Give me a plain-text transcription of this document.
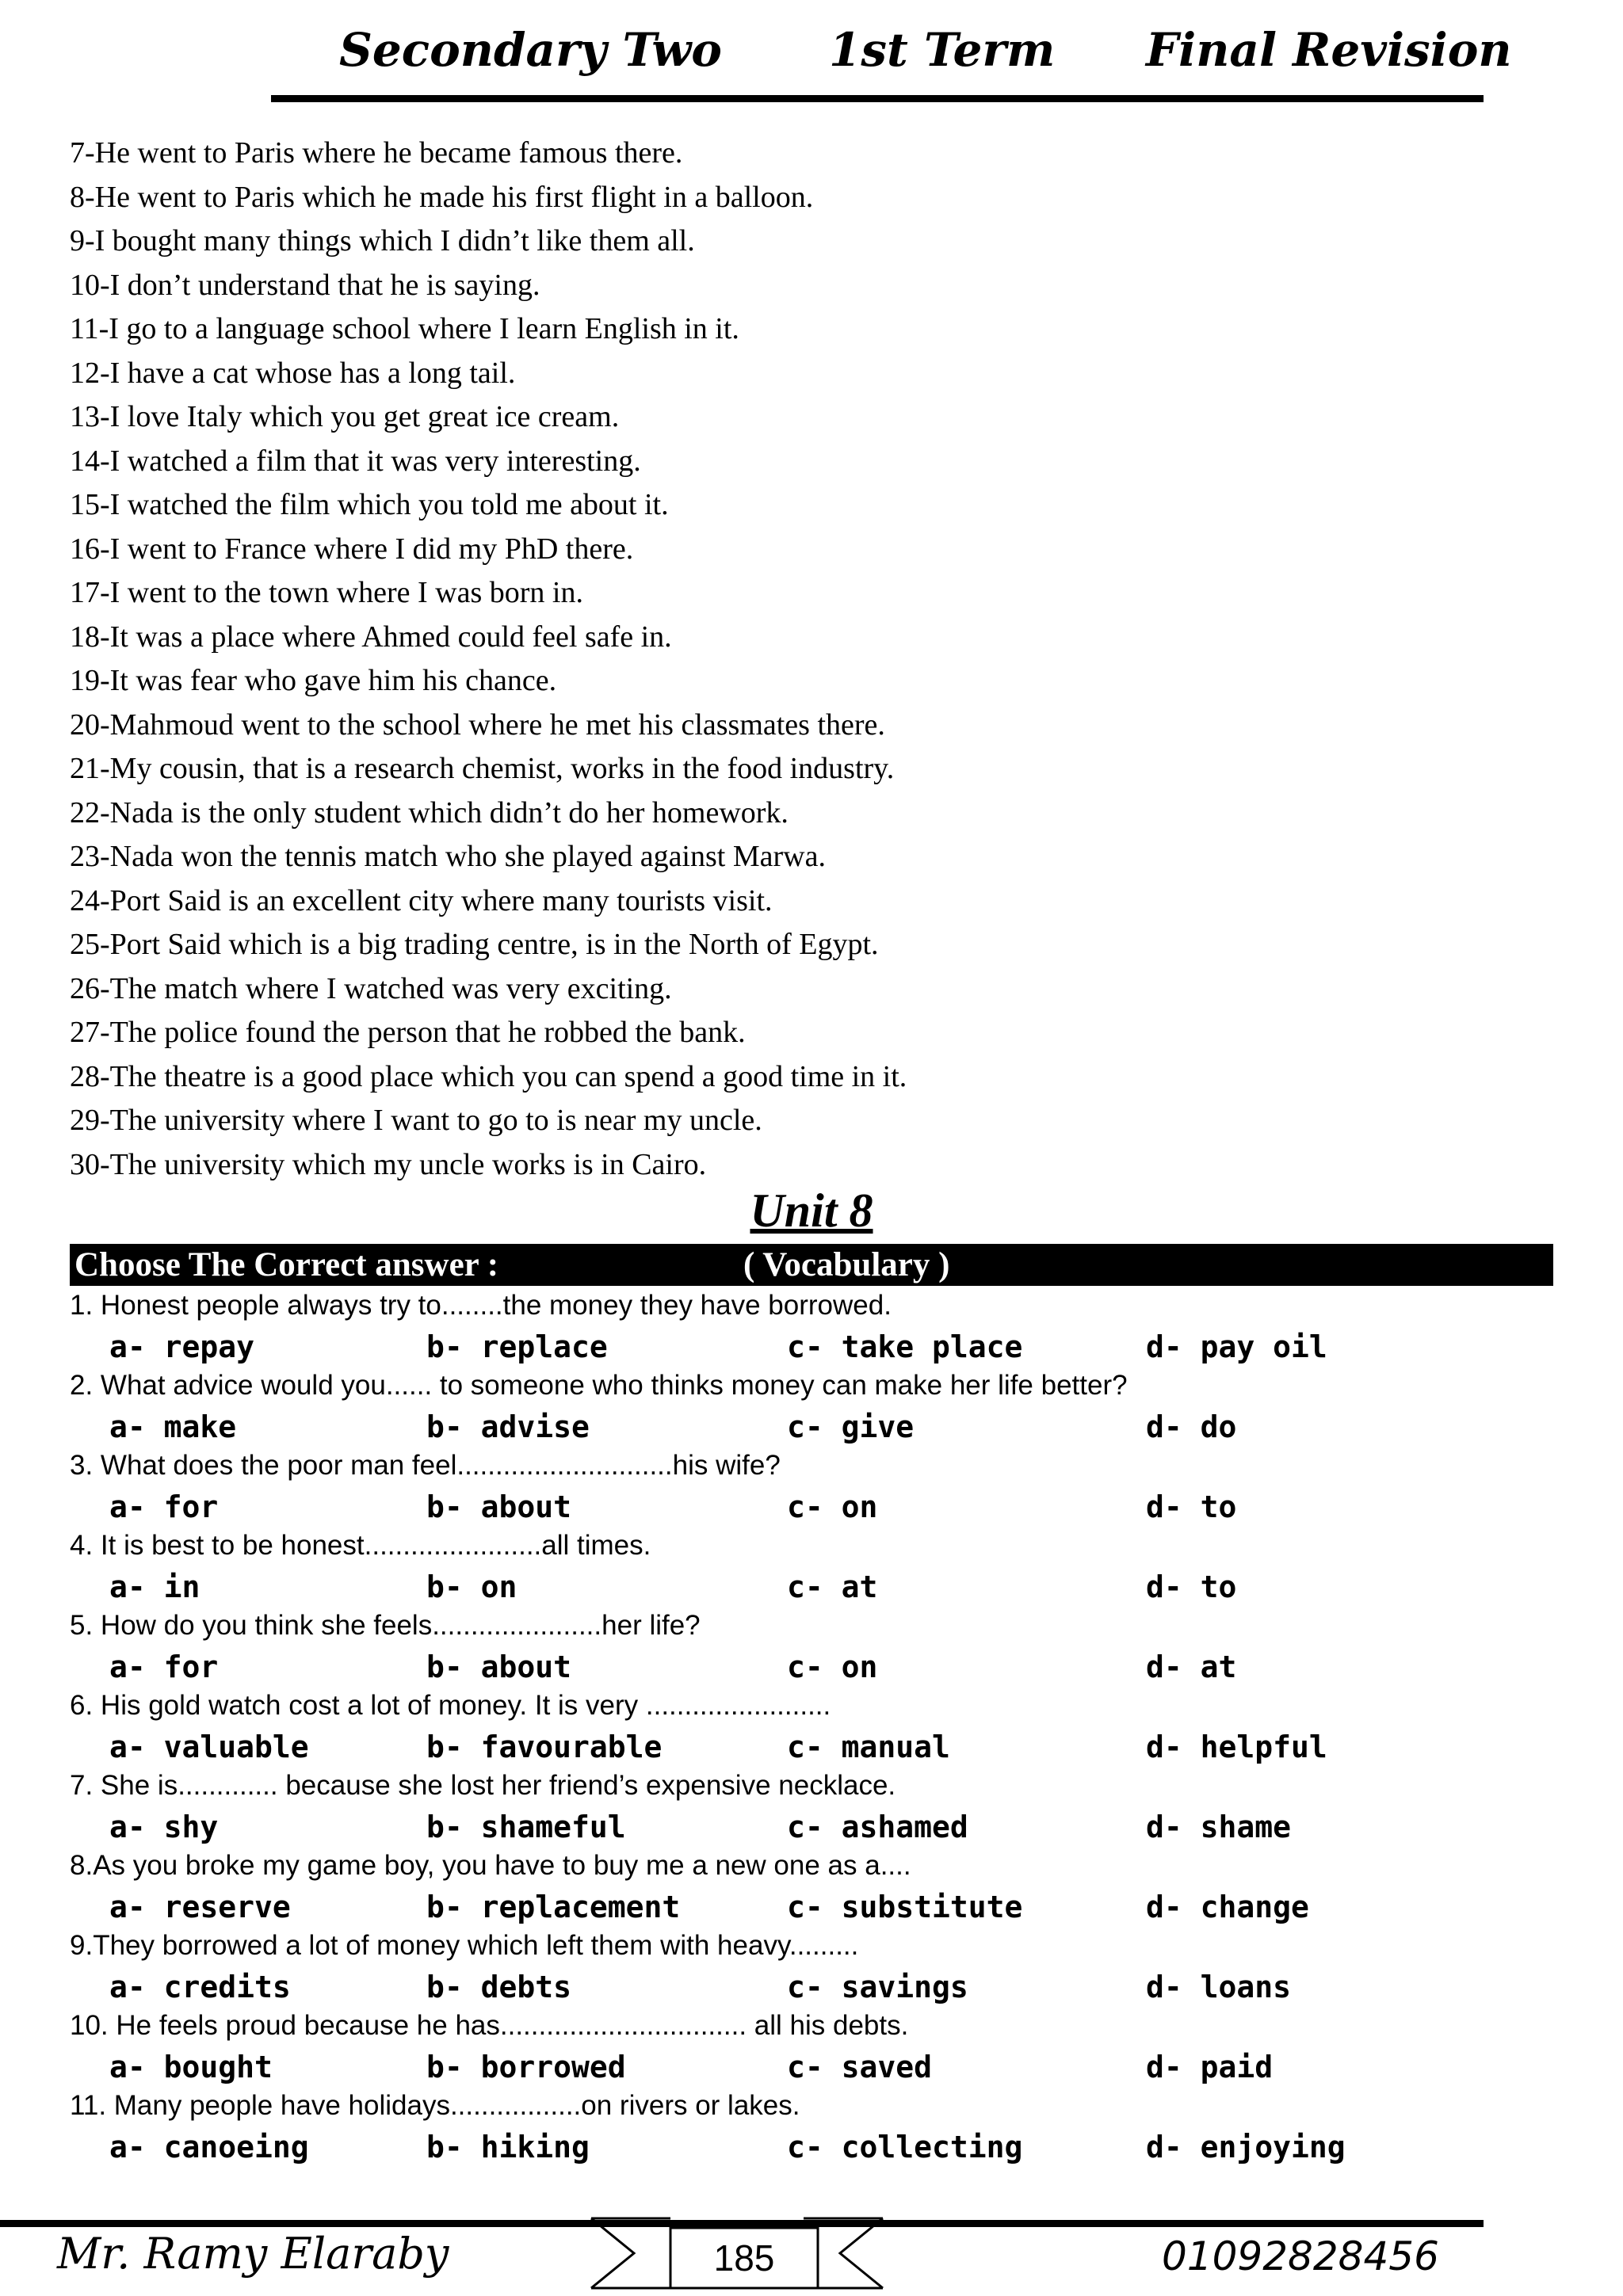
Secondary Two 1st Term Final Revision
7-He went to Paris where he became famous there.
8-He went to Paris which he made his first flight in a balloon.
9-I bought many things which I didn’t like them all.
10-I don’t understand that he is saying.
11-I go to a language school where I learn English in it.
12-I have a cat whose has a long tail.
13-I love Italy which you get great ice cream.
14-I watched a film that it was very interesting.
15-I watched the film which you told me about it.
16-I went to France where I did my PhD there.
17-I went to the town where I was born in.
18-It was a place where Ahmed could feel safe in.
19-It was fear who gave him his chance.
20-Mahmoud went to the school where he met his classmates there.
21-My cousin, that is a research chemist, works in the food industry.
22-Nada is the only student which didn’t do her homework.
23-Nada won the tennis match who she played against Marwa.
24-Port Said is an excellent city where many tourists visit.
25-Port Said which is a big trading centre, is in the North of Egypt.
26-The match where I watched was very exciting.
27-The police found the person that he robbed the bank.
28-The theatre is a good place which you can spend a good time in it.
29-The university where I want to go to is near my uncle.
30-The university which my uncle works is in Cairo.
Unit 8
Choose The Correct answer :	( Vocabulary )
1. Honest people always try to........the money they have borrowed.
a- repay	b- replace	c- take place	d- pay oil
2. What advice would you...... to someone who thinks money can make her life better?
a- make	b- advise	c- give	d- do
3. What does the poor man feel............................his wife?
a- for	b- about	c- on	d- to
4. It is best to be honest.......................all times.
a- in	b- on	c- at	d- to
5. How do you think she feels......................her life?
a- for	b- about	c- on	d- at
6. His gold watch cost a lot of money. It is very ........................
a- valuable	b- favourable	c- manual	d- helpful
7. She is............. because she lost her friend’s expensive necklace.
a- shy	b- shameful	c- ashamed	d- shame
8.As you broke my game boy, you have to buy me a new one as a....
a- reserve	b- replacement	c- substitute	d- change
9.They borrowed a lot of money which left them with heavy.........
a- credits	b- debts	c- savings	d- loans
10. He feels proud because he has................................ all his debts.
a- bought	b- borrowed	c- saved	d- paid
11. Many people have holidays.................on rivers or lakes.
a- canoeing	b- hiking	c- collecting	d- enjoying
Mr. Ramy Elaraby	185	01092828456
